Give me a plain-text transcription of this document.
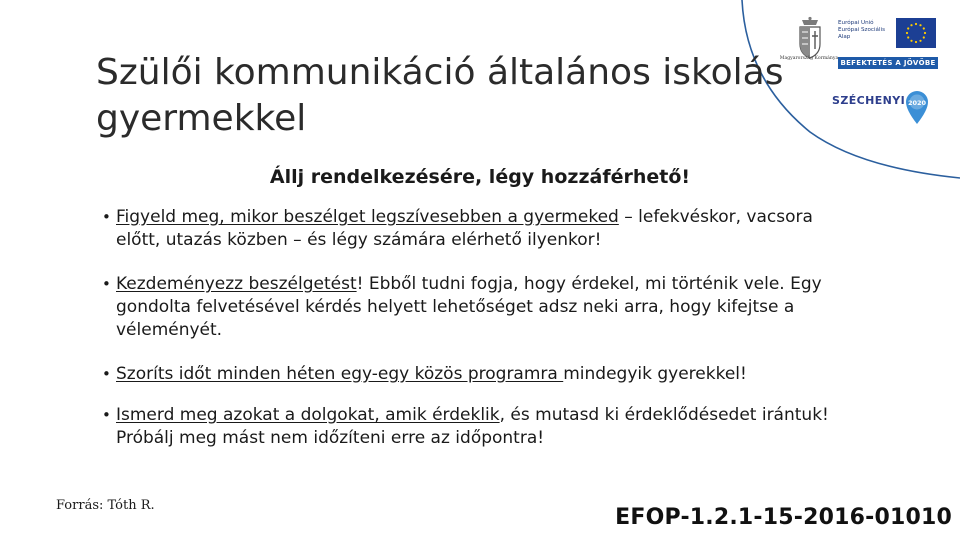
Szülői kommunikáció általános iskolás gyermekkel
Állj rendelkezésére, légy hozzáférhető!
• Figyeld meg, mikor beszélget legszívesebben a gyermeked – lefekvéskor, vacsora előtt, utazás közben – és légy számára elérhető ilyenkor!
• Kezdeményezz beszélgetést! Ebből tudni fogja, hogy érdekel, mi történik vele. Egy gondolta felvetésével kérdés helyett lehetőséget adsz neki arra, hogy kifejtse a véleményét.
• Szoríts időt minden héten egy-egy közös programra mindegyik gyerekkel!
• Ismerd meg azokat a dolgokat, amik érdeklik, és mutasd ki érdeklődésedet irántuk! Próbálj meg mást nem időzíteni erre az időpontra!
Forrás: Tóth R.	EFOP-1.2.1-15-2016-01010
Magyarország Kormánya
Európai Unió Európai Szociális Alap
BEFEKTETÉS A JÖVŐBE
SZÉCHENYI 2020
